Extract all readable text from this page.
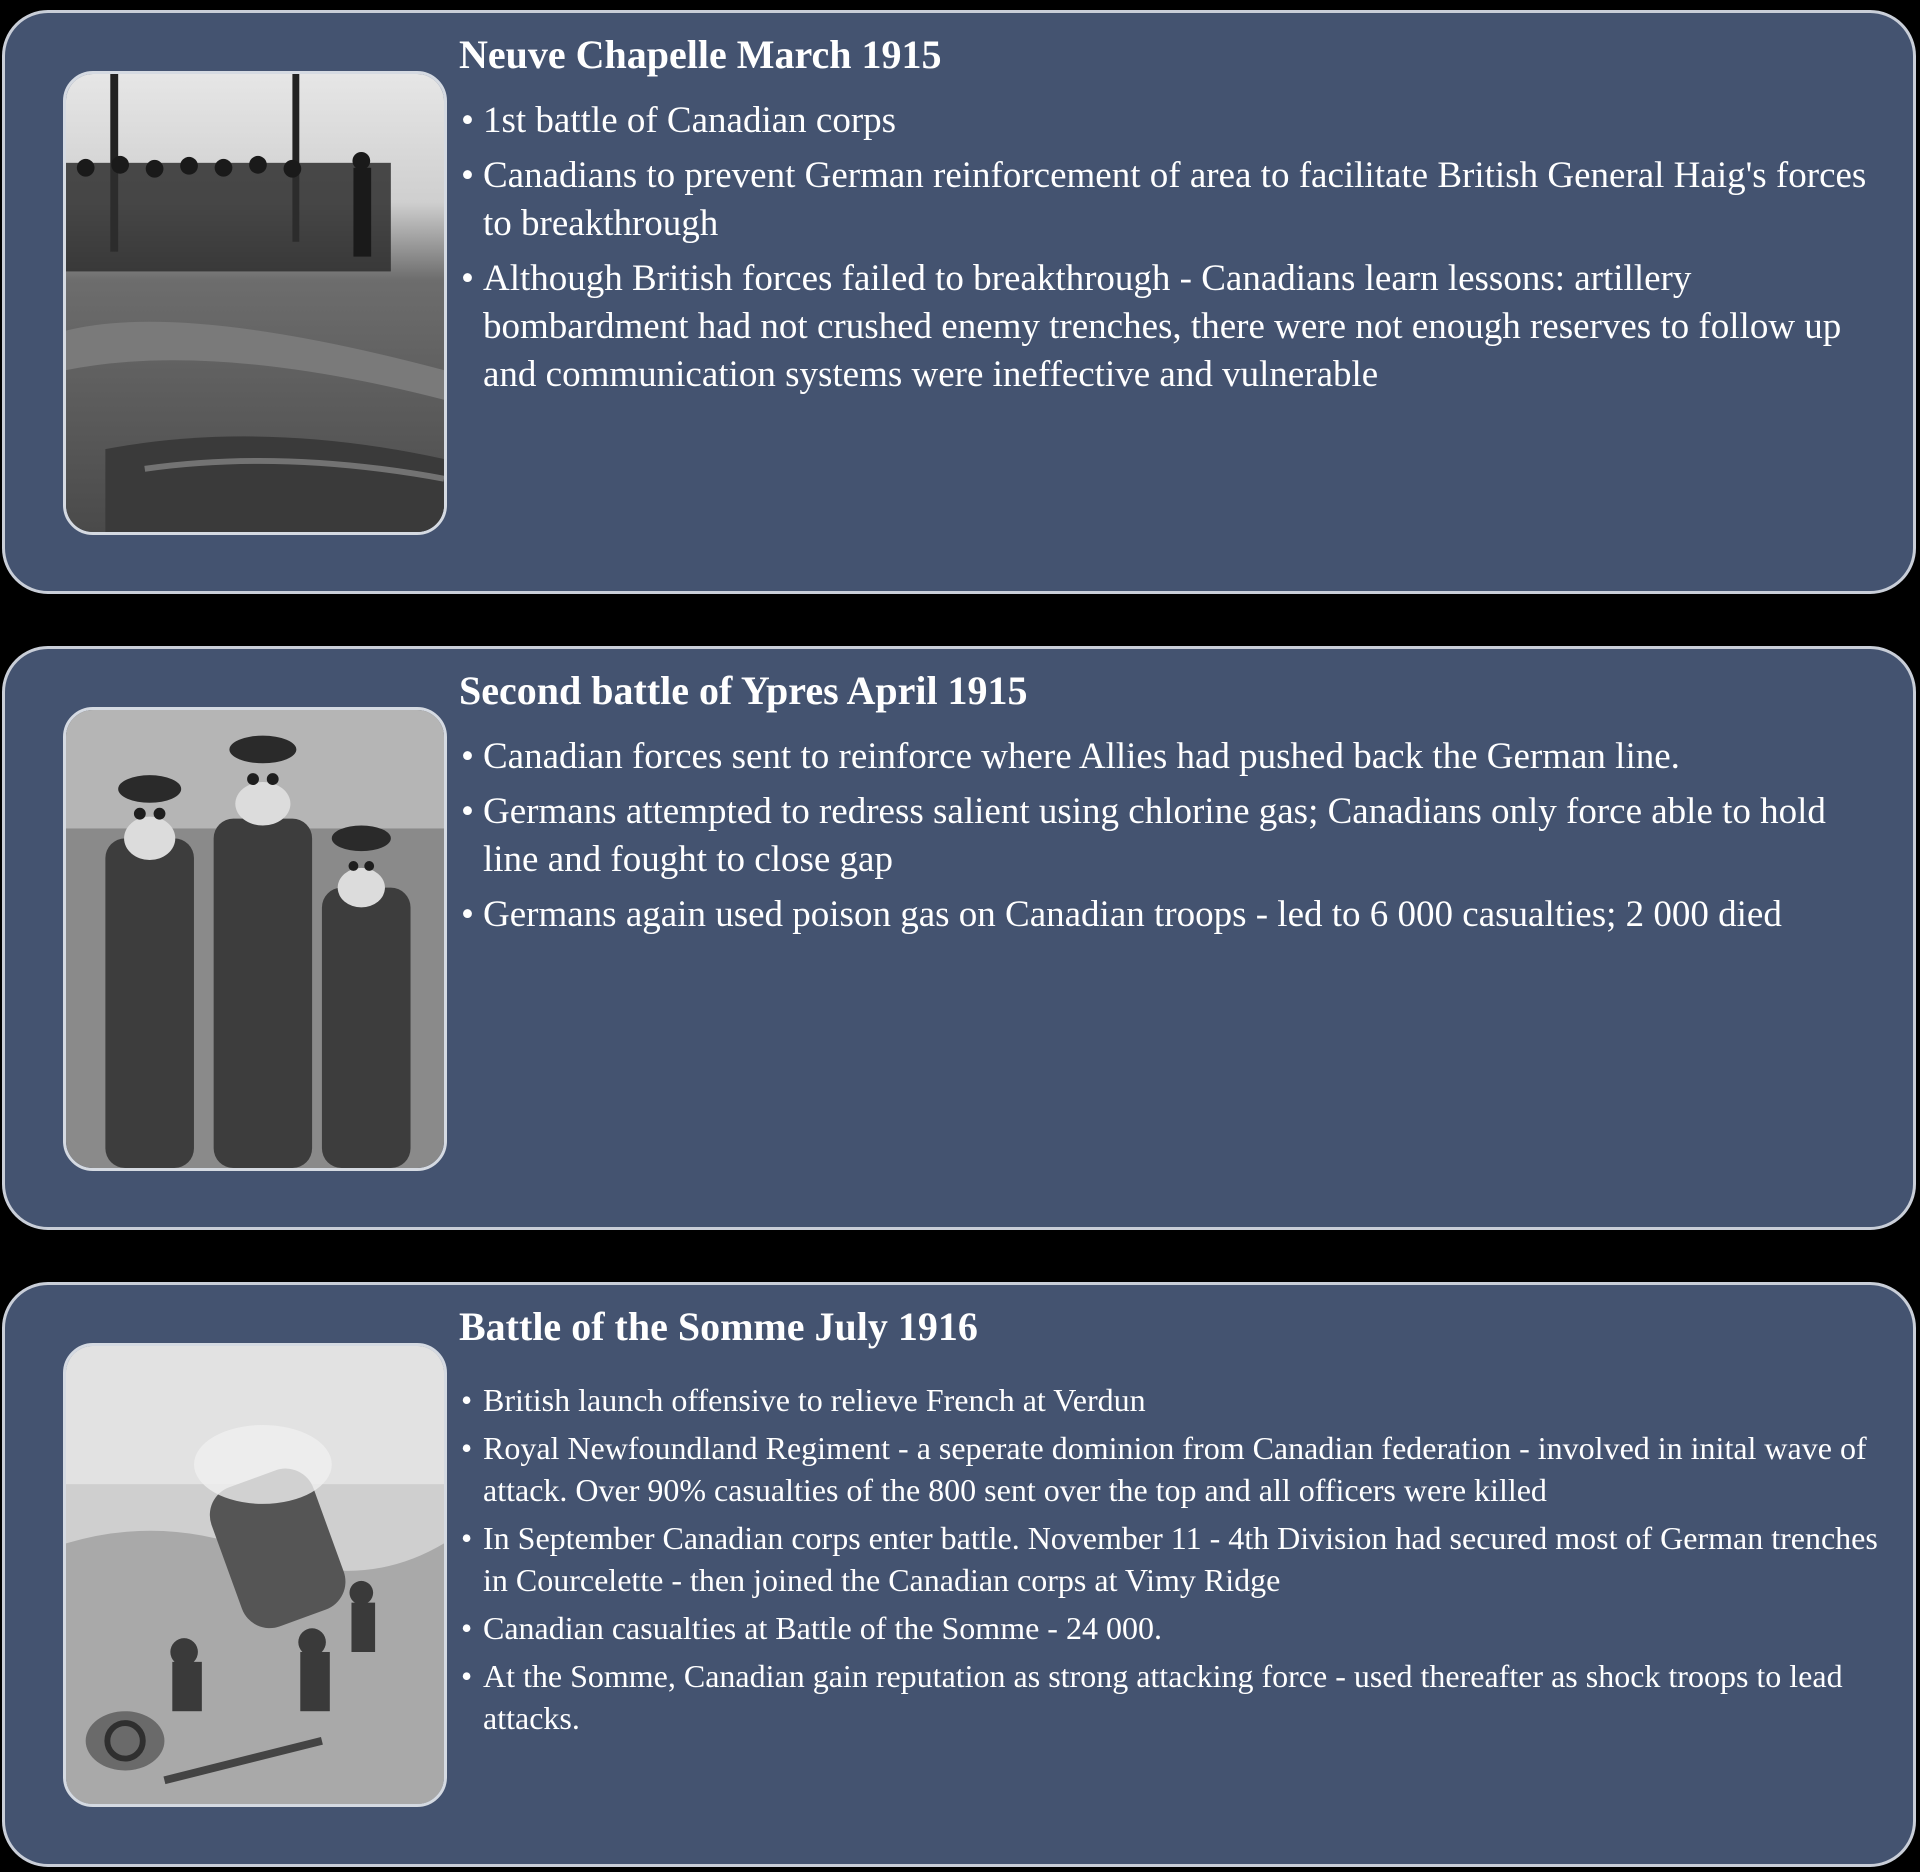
Neuve Chapelle March 1915
• 1st battle of Canadian corps
• Canadians to prevent German reinforcement of area to facilitate British General Haig's forces to breakthrough
• Although British forces failed to breakthrough - Canadians learn lessons: artillery bombardment had not crushed enemy trenches, there were not enough reserves to follow up and communication systems were ineffective and vulnerable
Second battle of Ypres April 1915
• Canadian forces sent to reinforce where Allies had pushed back the German line.
• Germans attempted to redress salient using chlorine gas; Canadians only force able to hold line and fought to close gap
• Germans again used poison gas on Canadian troops - led to 6 000 casualties; 2 000 died
Battle of the Somme July 1916
• British launch offensive to relieve French at Verdun
• Royal Newfoundland Regiment - a seperate dominion from Canadian federation - involved in inital wave of attack. Over 90% casualties of the 800 sent over the top and all officers were killed
• In September Canadian corps enter battle. November 11 - 4th Division had secured most of German trenches in Courcelette - then joined the Canadian corps at Vimy Ridge
• Canadian casualties at Battle of the Somme - 24 000.
• At the Somme, Canadian gain reputation as strong attacking force - used thereafter as shock troops to lead attacks.
